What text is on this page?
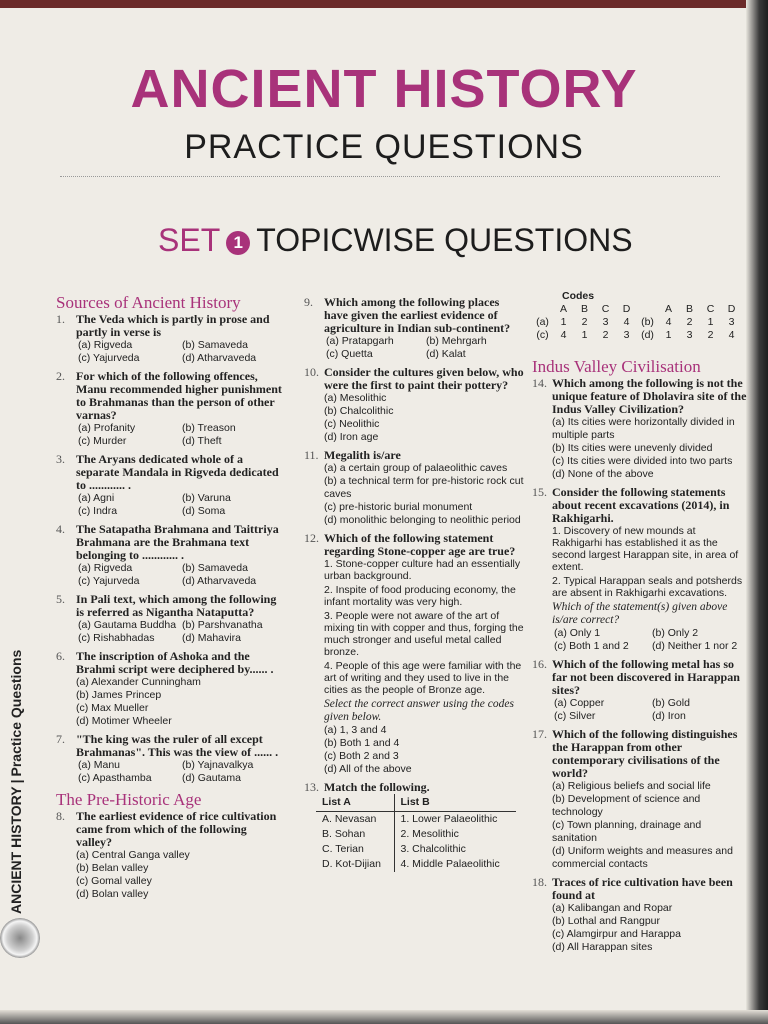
ANCIENT HISTORY
PRACTICE QUESTIONS
SET 1 TOPICWISE QUESTIONS
ANCIENT HISTORY|Practice Questions
Sources of Ancient History
1. The Veda which is partly in prose and partly in verse is
(a) Rigveda	(b) Samaveda
(c) Yajurveda	(d) Atharvaveda
2. For which of the following offences, Manu recommended higher punishment to Brahmanas than the person of other varnas?
(a) Profanity	(b) Treason
(c) Murder	(d) Theft
3. The Aryans dedicated whole of a separate Mandala in Rigveda dedicated to ............ .
(a) Agni	(b) Varuna
(c) Indra	(d) Soma
4. The Satapatha Brahmana and Taittriya Brahmana are the Brahmana text belonging to ............ .
(a) Rigveda	(b) Samaveda
(c) Yajurveda	(d) Atharvaveda
5. In Pali text, which among the following is referred as Nigantha Nataputta?
(a) Gautama Buddha (b) Parshvanatha
(c) Rishabhadas	(d) Mahavira
6. The inscription of Ashoka and the Brahmi script were deciphered by...... .
(a) Alexander Cunningham
(b) James Princep
(c) Max Mueller
(d) Motimer Wheeler
7. "The king was the ruler of all except Brahmanas". This was the view of ...... .
(a) Manu	(b) Yajnavalkya
(c) Apasthamba	(d) Gautama
The Pre-Historic Age
8. The earliest evidence of rice cultivation came from which of the following valley?
(a) Central Ganga valley
(b) Belan valley
(c) Gomal valley
(d) Bolan valley
9. Which among the following places have given the earliest evidence of agriculture in Indian sub-continent?
(a) Pratapgarh	(b) Mehrgarh
(c) Quetta	(d) Kalat
10. Consider the cultures given below, who were the first to paint their pottery?
(a) Mesolithic
(b) Chalcolithic
(c) Neolithic
(d) Iron age
11. Megalith is/are
(a) a certain group of palaeolithic caves
(b) a technical term for pre-historic rock cut caves
(c) pre-historic burial monument
(d) monolithic belonging to neolithic period
12. Which of the following statement regarding Stone-copper age are true?
1. Stone-copper culture had an essentially urban background.
2. Inspite of food producing economy, the infant mortality was very high.
3. People were not aware of the art of mixing tin with copper and thus, forging the much stronger and useful metal called bronze.
4. People of this age were familiar with the art of writing and they used to live in the cities as the people of Bronze age.
Select the correct answer using the codes given below.
(a) 1, 3 and 4
(b) Both 1 and 4
(c) Both 2 and 3
(d) All of the above
13. Match the following.
List A	List B
A. Nevasan	1. Lower Palaeolithic
B. Sohan	2. Mesolithic
C. Terian	3. Chalcolithic
D. Kot-Dijian	4. Middle Palaeolithic
Codes
A	B	C	D	A	B	C	D
(a)	1	2	3	4	(b)	4	2	1	3
(c)	4	1	2	3	(d)	1	3	2	4
Indus Valley Civilisation
14. Which among the following is not the unique feature of Dholavira site of the Indus Valley Civilization?
(a) Its cities were horizontally divided in multiple parts
(b) Its cities were unevenly divided
(c) Its cities were divided into two parts
(d) None of the above
15. Consider the following statements about recent excavations (2014), in Rakhigarhi.
1. Discovery of new mounds at Rakhigarhi has established it as the second largest Harappan site, in area of extent.
2. Typical Harappan seals and potsherds are absent in Rakhigarhi excavations.
Which of the statement(s) given above is/are correct?
(a) Only 1	(b) Only 2
(c) Both 1 and 2	(d) Neither 1 nor 2
16. Which of the following metal has so far not been discovered in Harappan sites?
(a) Copper	(b) Gold
(c) Silver	(d) Iron
17. Which of the following distinguishes the Harappan from other contemporary civilisations of the world?
(a) Religious beliefs and social life
(b) Development of science and technology
(c) Town planning, drainage and sanitation
(d) Uniform weights and measures and commercial contacts
18. Traces of rice cultivation have been found at
(a) Kalibangan and Ropar
(b) Lothal and Rangpur
(c) Alamgirpur and Harappa
(d) All Harappan sites
